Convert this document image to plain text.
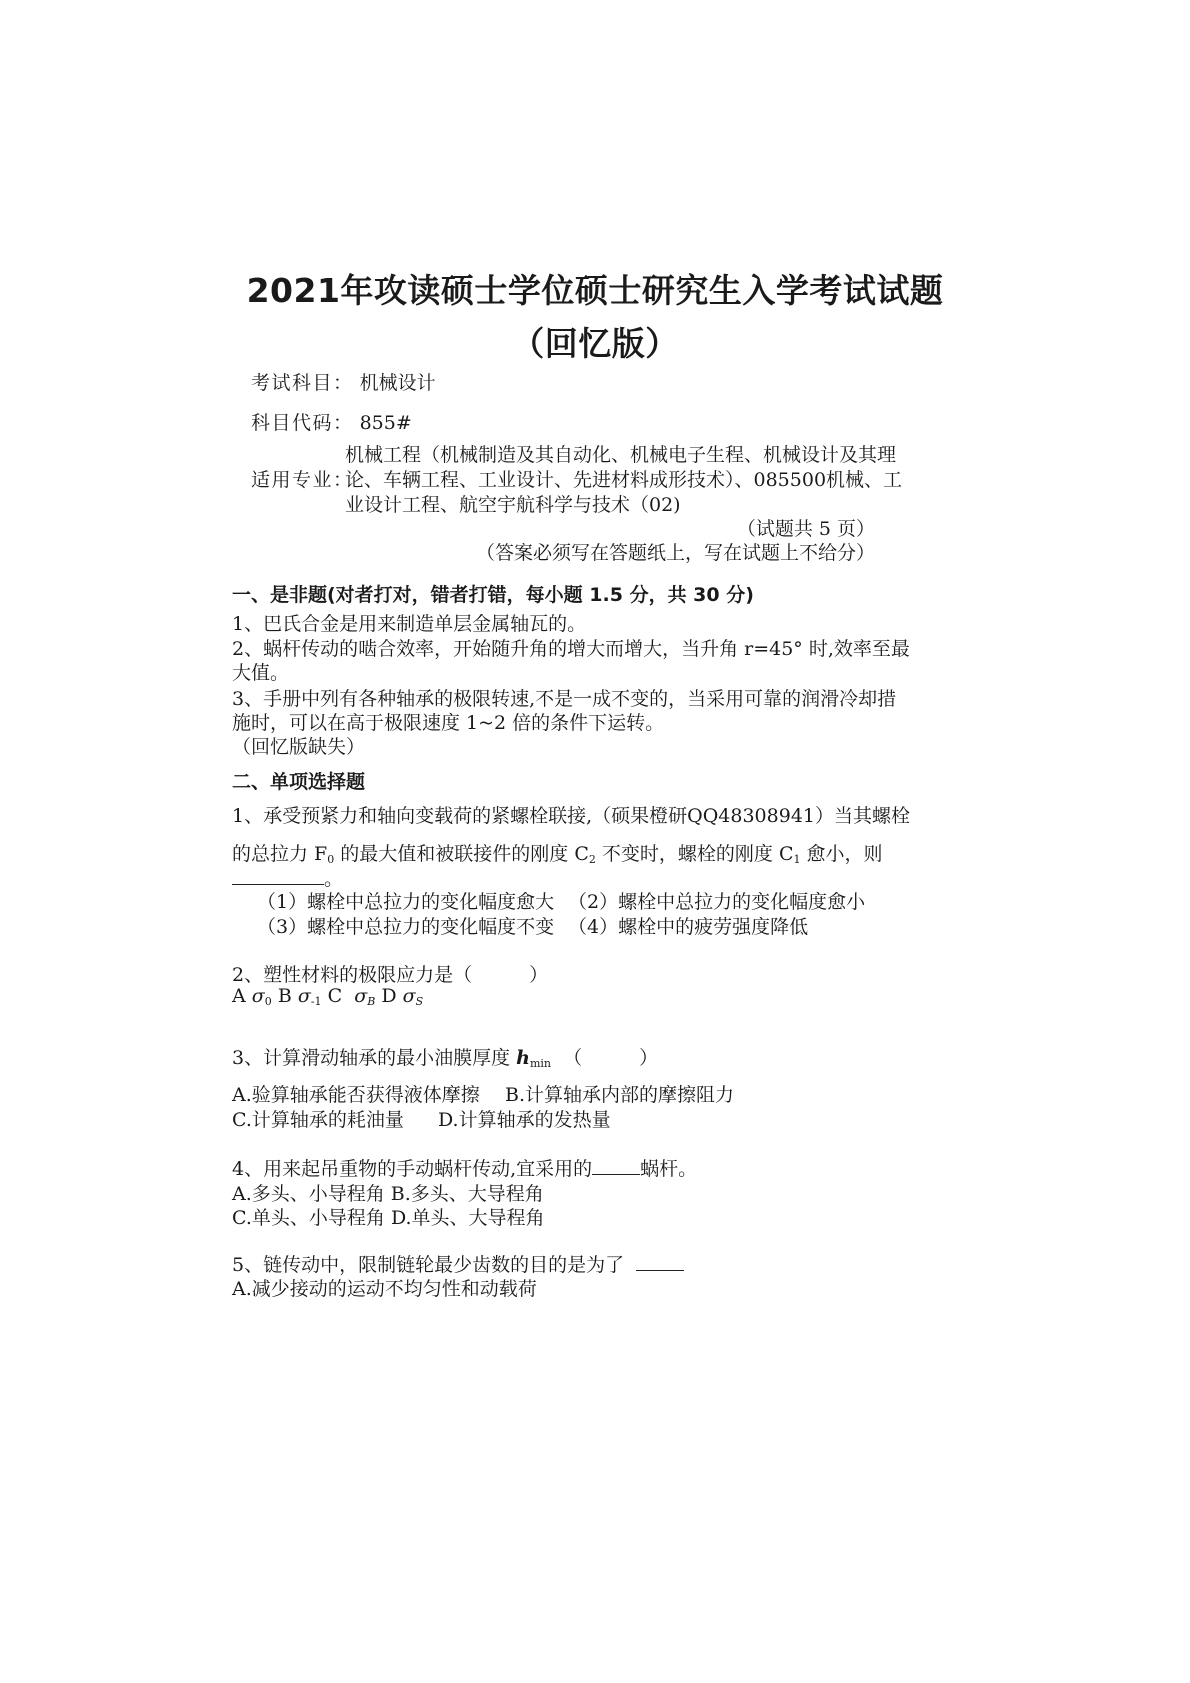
2021年攻读硕士学位硕士研究生入学考试试题
（回忆版）
考试科目： 机械设计
科目代码： 855#
适用专业：
机械工程（机械制造及其自动化、机械电子生程、机械设计及其理
论、车辆工程、工业设计、先进材料成形技术）、085500机械、工
业设计工程、航空宇航科学与技术（02)
（试题共 5 页）
（答案必须写在答题纸上，写在试题上不给分）
一、是非题(对者打对，错者打错，每小题 1.5 分，共 30 分)
1、巴氏合金是用来制造单层金属轴瓦的。
2、蜗杆传动的啮合效率，开始随升角的增大而增大，当升角 r=45° 时,效率至最
大值。
3、手册中列有各种轴承的极限转速,不是一成不变的，当采用可靠的润滑冷却措
施时，可以在高于极限速度 1~2 倍的条件下运转。
（回忆版缺失）
二、单项选择题
1、承受预紧力和轴向变载荷的紧螺栓联接,（硕果橙研QQ48308941）当其螺栓
的总拉力 $F_0$ 的最大值和被联接件的刚度 $C_2$ 不变时，螺栓的刚度 $C_1$ 愈小，则
。
（1）螺栓中总拉力的变化幅度愈大 （2）螺栓中总拉力的变化幅度愈小
（3）螺栓中总拉力的变化幅度不变 （4）螺栓中的疲劳强度降低
2、塑性材料的极限应力是（　　　）
A $\sigma_0$ B $\sigma_{-1}$ C $\sigma_B$ D $\sigma_S$
3、计算滑动轴承的最小油膜厚度 $h_{min}$ （　　　）
A.验算轴承能否获得液体摩擦 B.计算轴承内部的摩擦阻力
C.计算轴承的耗油量 D.计算轴承的发热量
4、用来起吊重物的手动蜗杆传动,宜采用的	蜗杆。
A.多头、小导程角 B.多头、大导程角
C.单头、小导程角 D.单头、大导程角
5、链传动中，限制链轮最少齿数的目的是为了
A.减少接动的运动不均匀性和动载荷
